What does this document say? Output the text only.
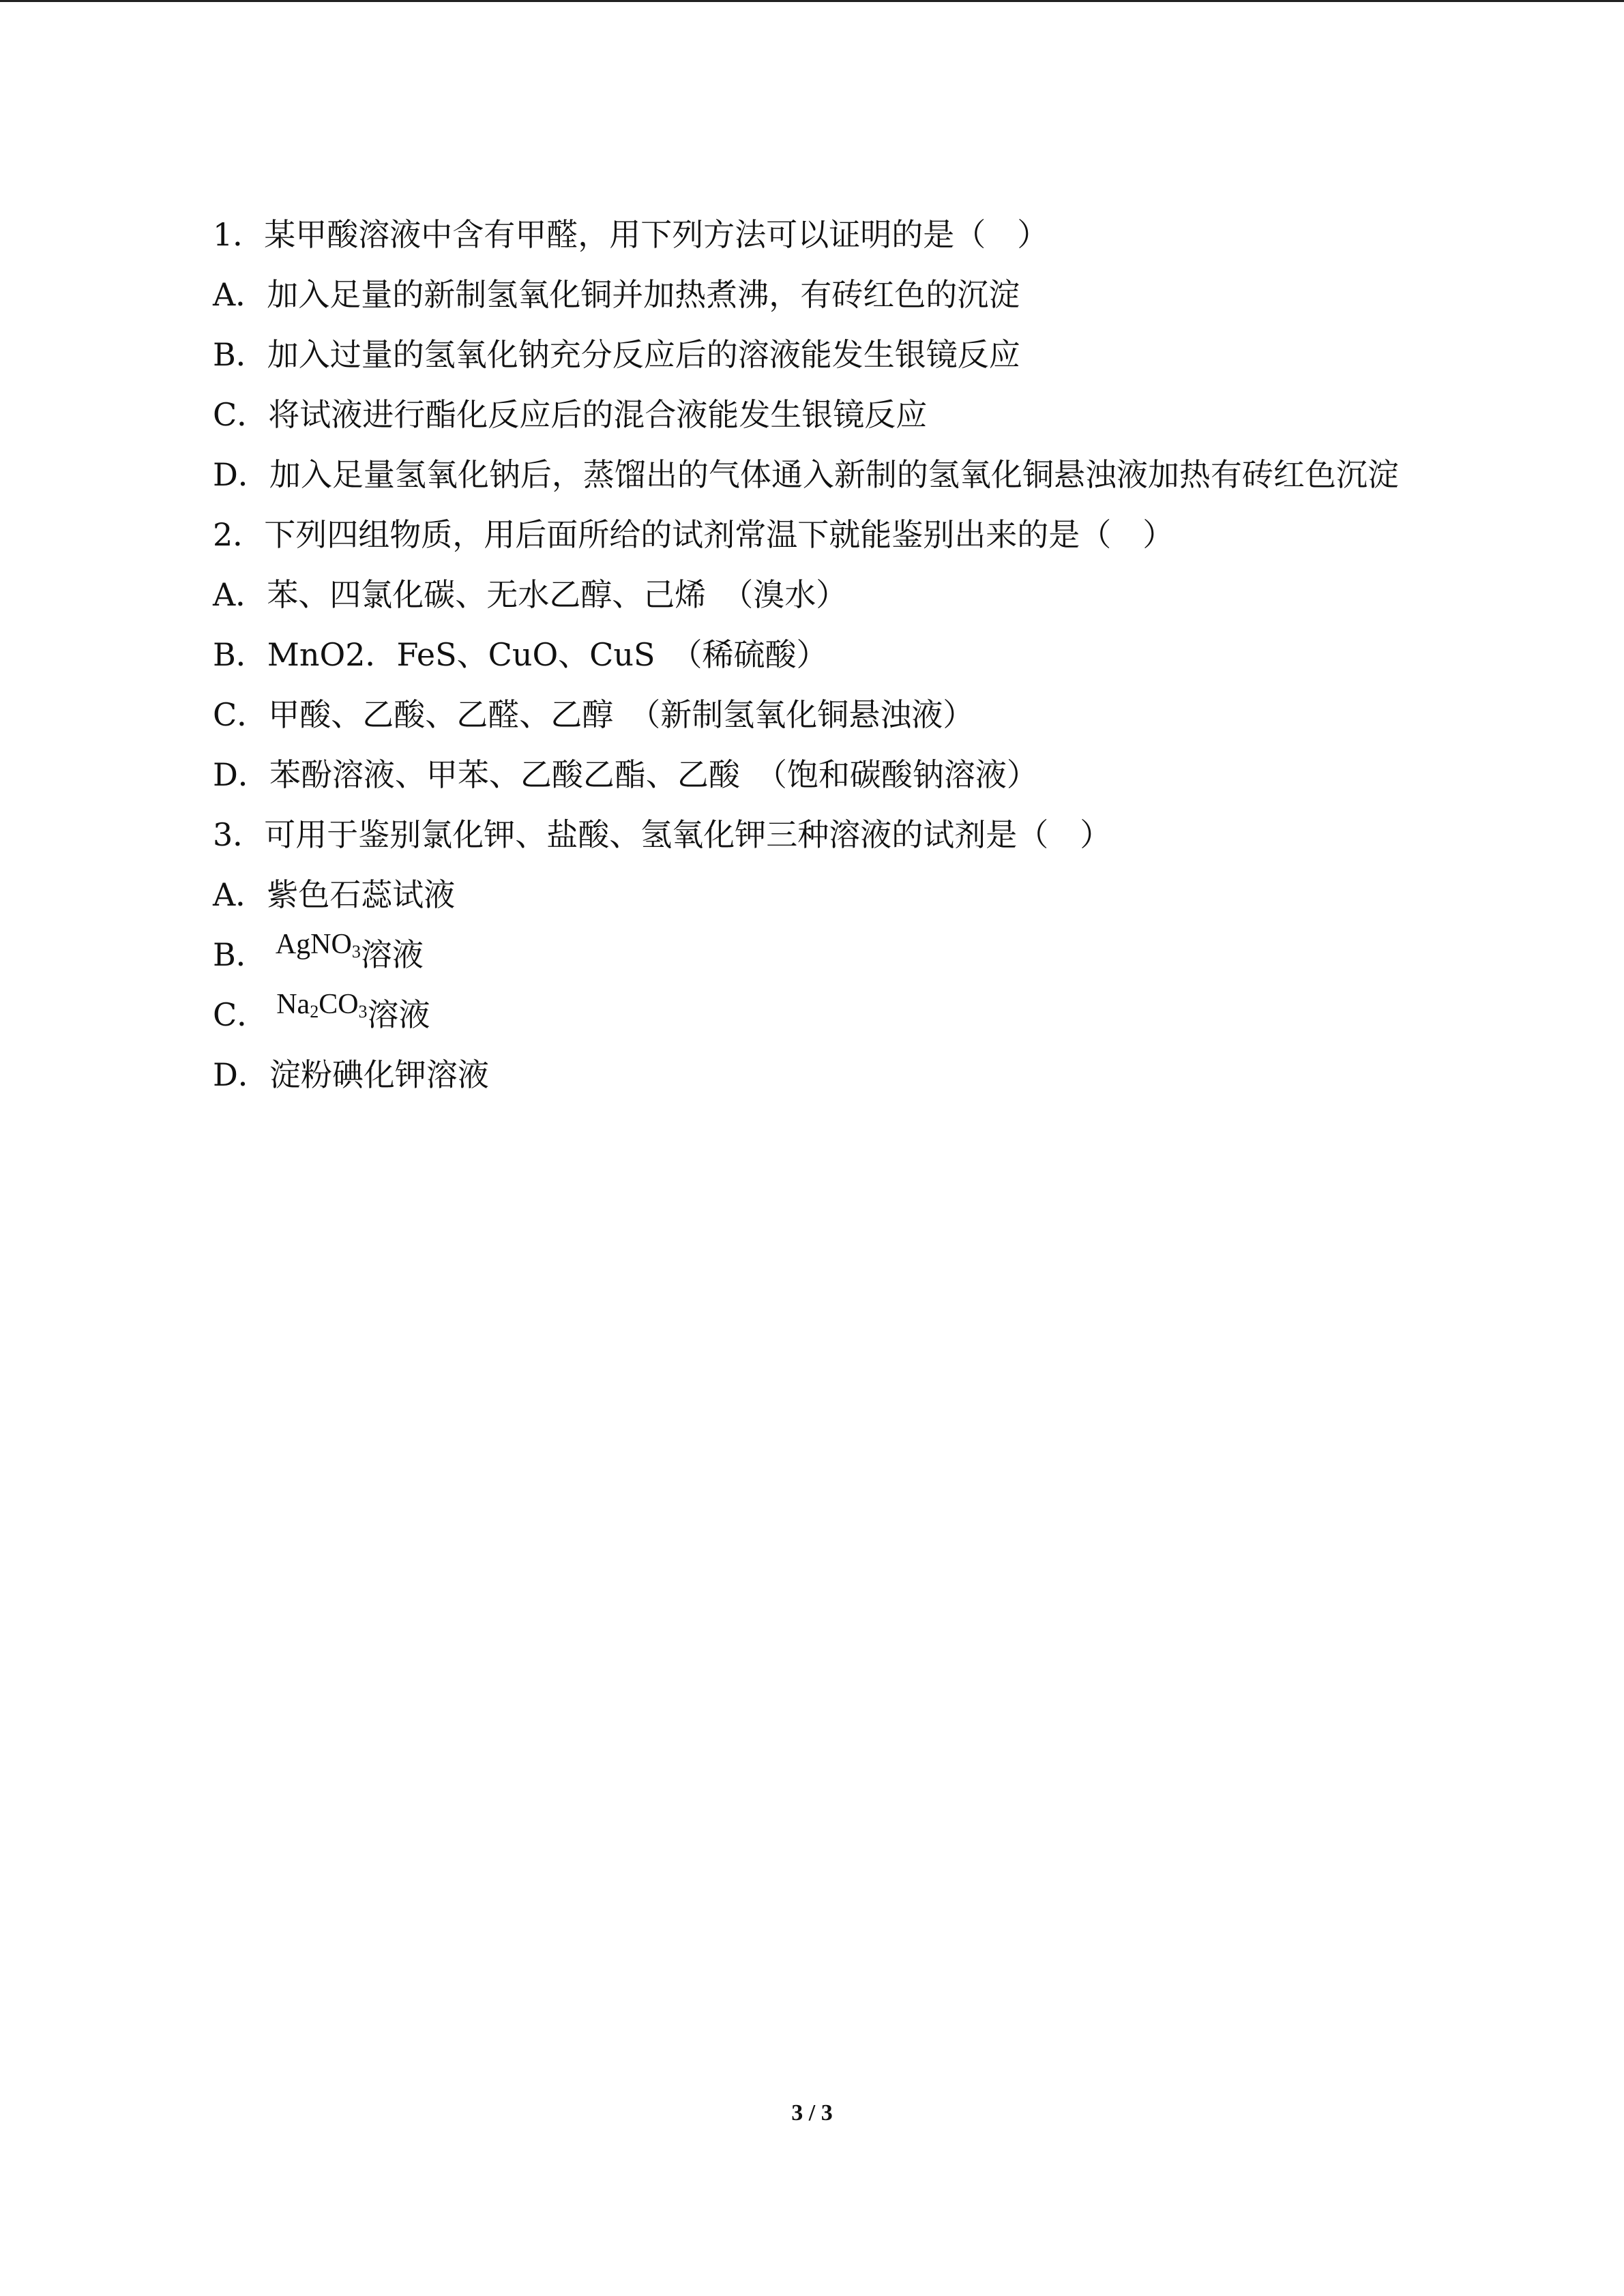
1．某甲酸溶液中含有甲醛，用下列方法可以证明的是（　）
A．加入足量的新制氢氧化铜并加热煮沸，有砖红色的沉淀
B．加入过量的氢氧化钠充分反应后的溶液能发生银镜反应
C．将试液进行酯化反应后的混合液能发生银镜反应
D．加入足量氢氧化钠后，蒸馏出的气体通入新制的氢氧化铜悬浊液加热有砖红色沉淀
2．下列四组物质，用后面所给的试剂常温下就能鉴别出来的是（　）
A．苯、四氯化碳、无水乙醇、己烯　（溴水）
B．MnO2．FeS、CuO、CuS　（稀硫酸）
C．甲酸、乙酸、乙醛、乙醇　（新制氢氧化铜悬浊液）
D．苯酚溶液、甲苯、乙酸乙酯、乙酸　（饱和碳酸钠溶液）
3．可用于鉴别氯化钾、盐酸、氢氧化钾三种溶液的试剂是（　）
A．紫色石蕊试液
B． AgNO$_3$溶液
C． $Na_2CO_3$溶液
D．淀粉碘化钾溶液
3 / 3
